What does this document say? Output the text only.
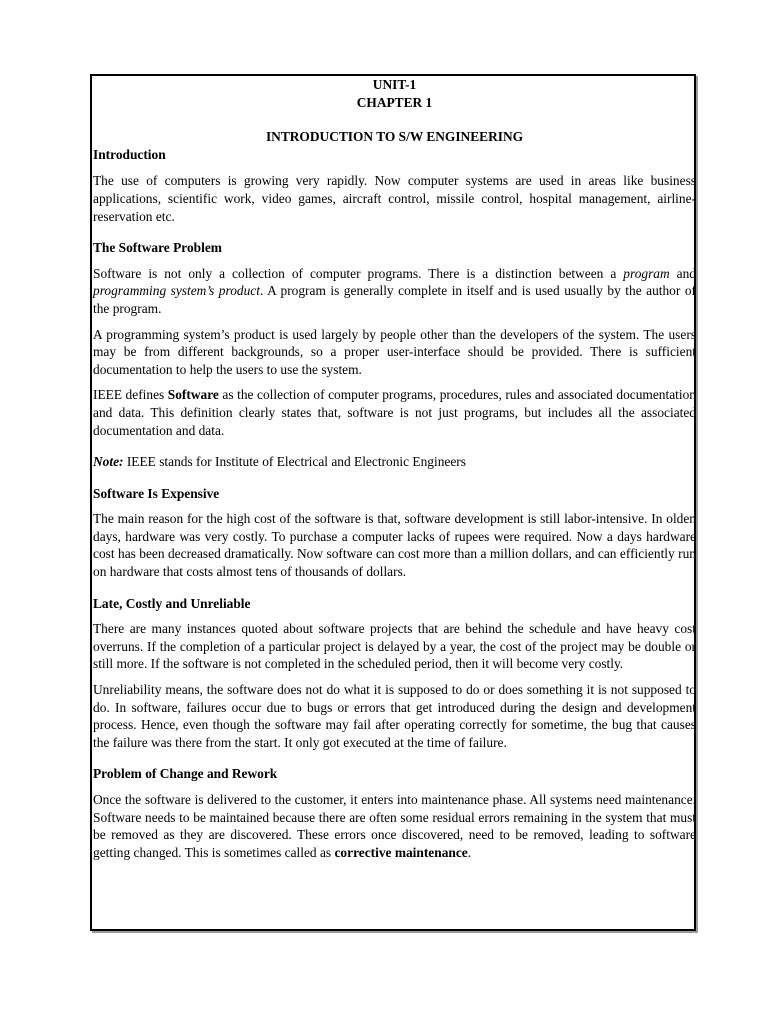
UNIT-1
CHAPTER 1
INTRODUCTION TO S/W ENGINEERING
Introduction

The use of computers is growing very rapidly. Now computer systems are used in areas like business applications, scientific work, video games, aircraft control, missile control, hospital management, airline-reservation etc.

The Software Problem

Software is not only a collection of computer programs. There is a distinction between a program and programming system’s product. A program is generally complete in itself and is used usually by the author of the program.

A programming system’s product is used largely by people other than the developers of the system. The users may be from different backgrounds, so a proper user-interface should be provided. There is sufficient documentation to help the users to use the system.

IEEE defines Software as the collection of computer programs, procedures, rules and associated documentation and data. This definition clearly states that, software is not just programs, but includes all the associated documentation and data.

Note: IEEE stands for Institute of Electrical and Electronic Engineers

Software Is Expensive

The main reason for the high cost of the software is that, software development is still labor-intensive. In olden days, hardware was very costly. To purchase a computer lacks of rupees were required. Now a days hardware cost has been decreased dramatically. Now software can cost more than a million dollars, and can efficiently run on hardware that costs almost tens of thousands of dollars.

Late, Costly and Unreliable

There are many instances quoted about software projects that are behind the schedule and have heavy cost overruns. If the completion of a particular project is delayed by a year, the cost of the project may be double or still more. If the software is not completed in the scheduled period, then it will become very costly.

Unreliability means, the software does not do what it is supposed to do or does something it is not supposed to do. In software, failures occur due to bugs or errors that get introduced during the design and development process. Hence, even though the software may fail after operating correctly for sometime, the bug that causes the failure was there from the start. It only got executed at the time of failure.

Problem of Change and Rework

Once the software is delivered to the customer, it enters into maintenance phase. All systems need maintenance. Software needs to be maintained because there are often some residual errors remaining in the system that must be removed as they are discovered. These errors once discovered, need to be removed, leading to software getting changed. This is sometimes called as corrective maintenance.
